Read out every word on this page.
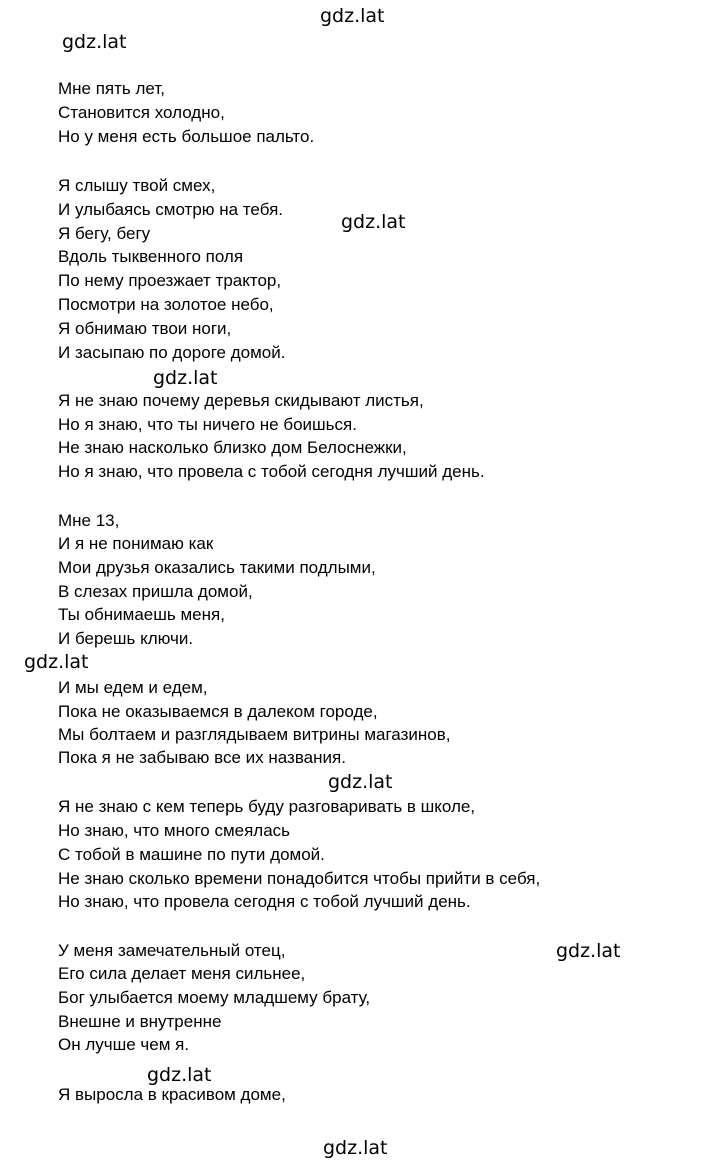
gdz.lat
gdz.lat
gdz.lat
gdz.lat
gdz.lat
gdz.lat
gdz.lat
gdz.lat
gdz.lat
Мне пять лет,
Становится холодно,
Но у меня есть большое пальто.
Я слышу твой смех,
И улыбаясь смотрю на тебя.
Я бегу, бегу
Вдоль тыквенного поля
По нему проезжает трактор,
Посмотри на золотое небо,
Я обнимаю твои ноги,
И засыпаю по дороге домой.
Я не знаю почему деревья скидывают листья,
Но я знаю, что ты ничего не боишься.
Не знаю насколько близко дом Белоснежки,
Но я знаю, что провела с тобой сегодня лучший день.
Мне 13,
И я не понимаю как
Мои друзья оказались такими подлыми,
В слезах пришла домой,
Ты обнимаешь меня,
И берешь ключи.
И мы едем и едем,
Пока не оказываемся в далеком городе,
Мы болтаем и разглядываем витрины магазинов,
Пока я не забываю все их названия.
Я не знаю с кем теперь буду разговаривать в школе,
Но знаю, что много смеялась
С тобой в машине по пути домой.
Не знаю сколько времени понадобится чтобы прийти в себя,
Но знаю, что провела сегодня с тобой лучший день.
У меня замечательный отец,
Его сила делает меня сильнее,
Бог улыбается моему младшему брату,
Внешне и внутренне
Он лучше чем я.
Я выросла в красивом доме,
